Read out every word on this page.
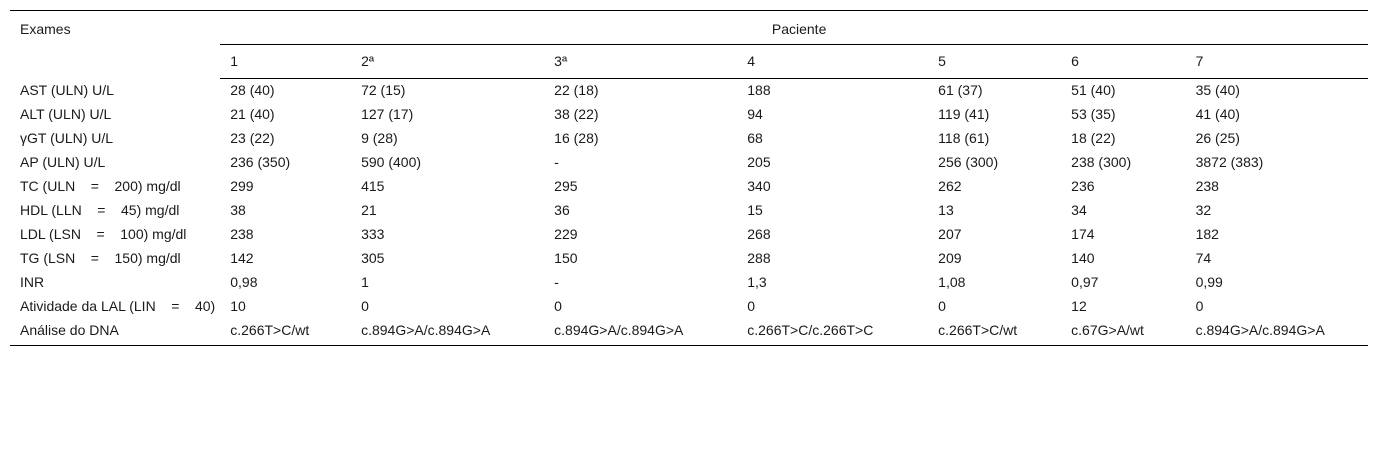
Exames	Paciente						
	1	2ª	3ª	4	5	6	7
AST (ULN) U/L	28 (40)	72 (15)	22 (18)	188	61 (37)	51 (40)	35 (40)
ALT (ULN) U/L	21 (40)	127 (17)	38 (22)	94	119 (41)	53 (35)	41 (40)
γGT (ULN) U/L	23 (22)	9 (28)	16 (28)	68	118 (61)	18 (22)	26 (25)
AP (ULN) U/L	236 (350)	590 (400)	-	205	256 (300)	238 (300)	3872 (383)
TC (ULN    =    200) mg/dl	299	415	295	340	262	236	238
HDL (LLN    =    45) mg/dl	38	21	36	15	13	34	32
LDL (LSN    =    100) mg/dl	238	333	229	268	207	174	182
TG (LSN    =    150) mg/dl	142	305	150	288	209	140	74
INR	0,98	1	-	1,3	1,08	0,97	0,99
Atividade da LAL (LIN    =    40)	10	0	0	0	0	12	0
Análise do DNA	c.266T>C/wt	c.894G>A/c.894G>A	c.894G>A/c.894G>A	c.266T>C/c.266T>C	c.266T>C/wt	c.67G>A/wt	c.894G>A/c.894G>A
